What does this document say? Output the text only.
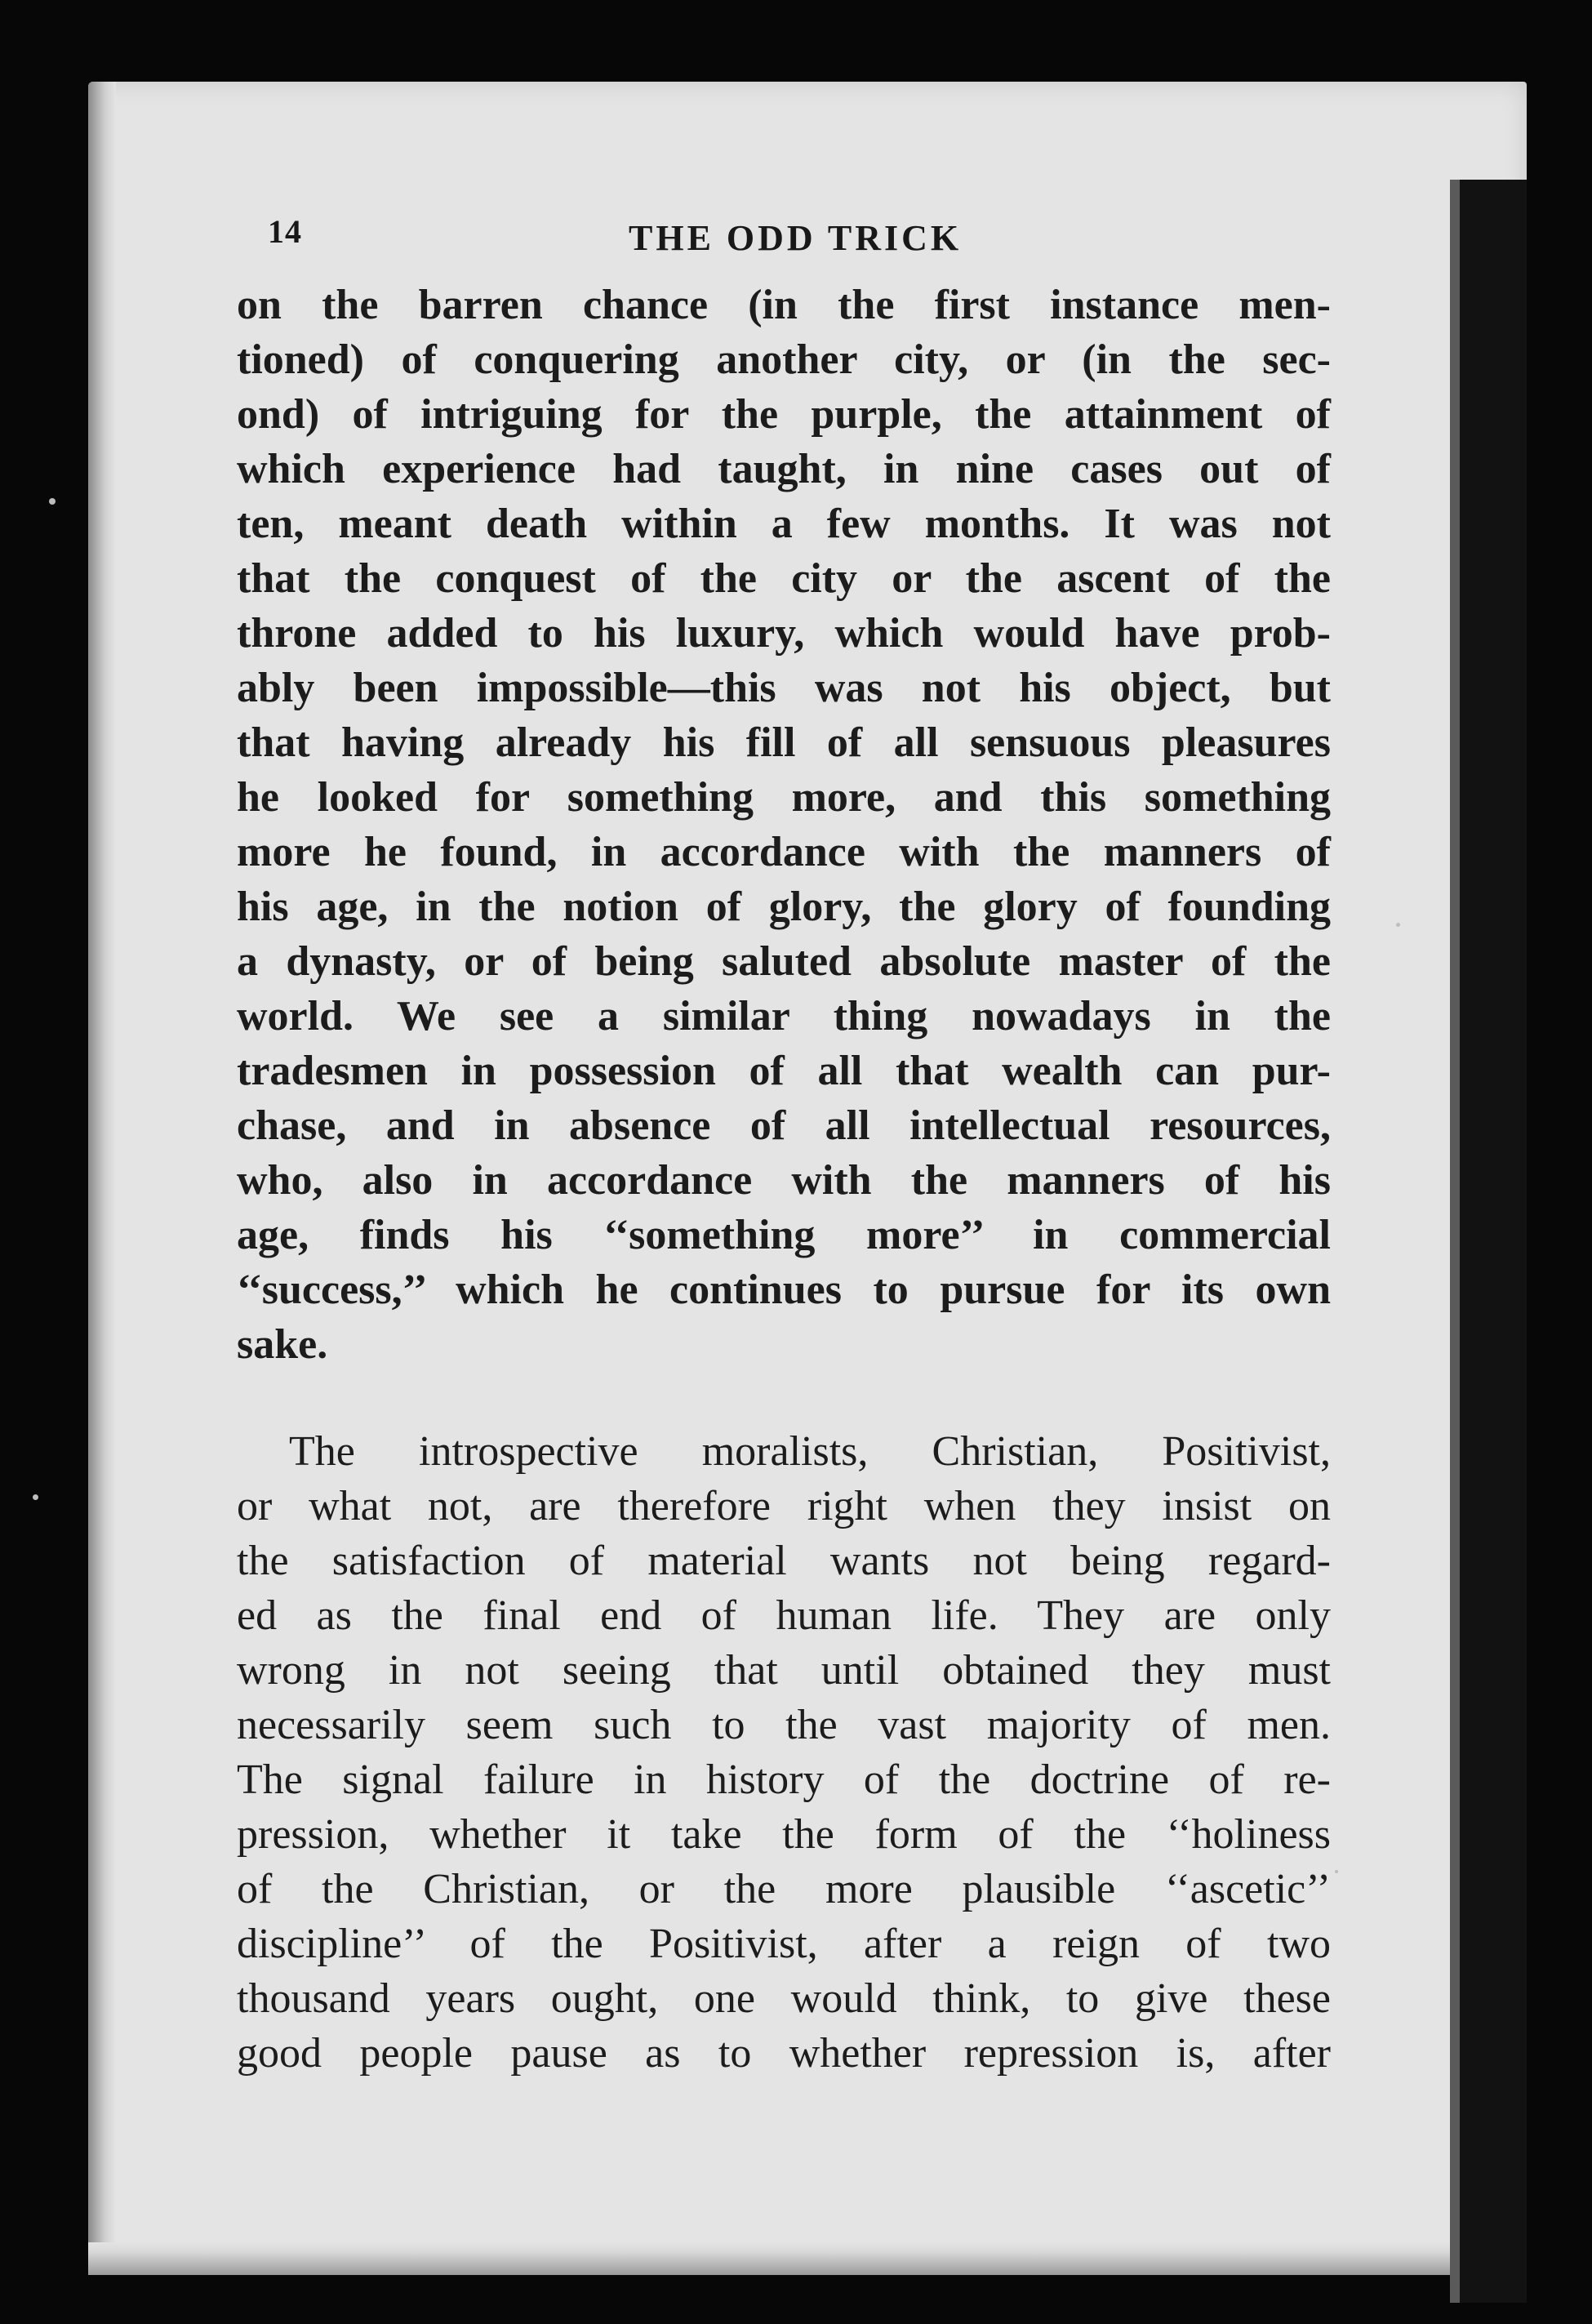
14	THE ODD TRICK
on the barren chance (in the first instance men-
tioned) of conquering another city, or (in the sec-
ond) of intriguing for the purple, the attainment of
which experience had taught, in nine cases out of
ten, meant death within a few months. It was not
that the conquest of the city or the ascent of the
throne added to his luxury, which would have prob-
ably been impossible—this was not his object, but
that having already his fill of all sensuous pleasures
he looked for something more, and this something
more he found, in accordance with the manners of
his age, in the notion of glory, the glory of founding
a dynasty, or of being saluted absolute master of the
world. We see a similar thing nowadays in the
tradesmen in possession of all that wealth can pur-
chase, and in absence of all intellectual resources,
who, also in accordance with the manners of his
age, finds his ‘‘something more’’ in commercial
‘‘success,’’ which he continues to pursue for its own
sake.
The introspective moralists, Christian, Positivist,
or what not, are therefore right when they insist on
the satisfaction of material wants not being regard-
ed as the final end of human life. They are only
wrong in not seeing that until obtained they must
necessarily seem such to the vast majority of men.
The signal failure in history of the doctrine of re-
pression, whether it take the form of the ‘‘holiness
of the Christian, or the more plausible ‘‘ascetic’’
discipline’’ of the Positivist, after a reign of two
thousand years ought, one would think, to give these
good people pause as to whether repression is, after
